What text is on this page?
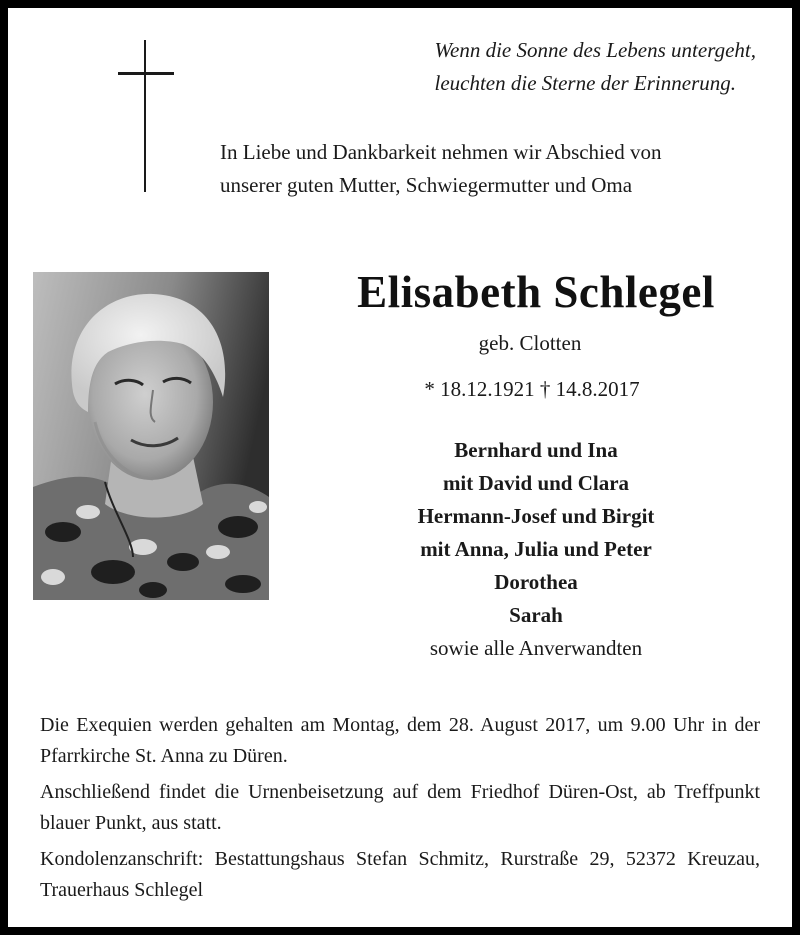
Wenn die Sonne des Lebens untergeht,
leuchten die Sterne der Erinnerung.
In Liebe und Dankbarkeit nehmen wir Abschied von
unserer guten Mutter, Schwiegermutter und Oma
Elisabeth Schlegel
geb. Clotten
* 18.12.1921 † 14.8.2017
Bernhard und Ina
mit David und Clara
Hermann-Josef und Birgit
mit Anna, Julia und Peter
Dorothea
Sarah
sowie alle Anverwandten
Die Exequien werden gehalten am Montag, dem 28. August 2017, um 9.00 Uhr in der Pfarrkirche St. Anna zu Düren.
Anschließend findet die Urnenbeisetzung auf dem Friedhof Düren-Ost, ab Treffpunkt blauer Punkt, aus statt.
Kondolenzanschrift: Bestattungshaus Stefan Schmitz, Rurstraße 29, 52372 Kreuzau, Trauerhaus Schlegel
